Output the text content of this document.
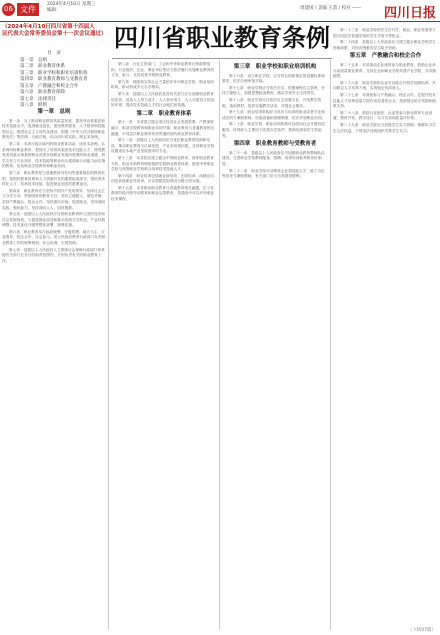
06 文件
2024年4月10日 星期三
编辑：	周建国 / 美编 王恭 / 校对 —— 四川日报
（2024年4月10日四川省第十四届人
民代表大会常务委员会第十一次会议通过） 四川省职业教育条例
目　录
第一章　总则
第二章　职业教育体系
第三章　职业学校和职业培训机构
第四章　职业教育教师与受教育者
第五章　产教融合和校企合作
第六章　职业教育保障
第七章　法律责任
第八章　附则
第一章　总则

第一条　为了推动职业教育高质量发展，提高劳动者素质和技术技能水平，促进就业创业，建设教育强省、人才强省和技能型社会，推进社会主义现代化建设，根据《中华人民共和国职业教育法》等法律、行政法规，结合四川省实际，制定本条例。

第二条　本省行政区域内的职业教育活动，适用本条例。本条例所称职业教育，是指为了培养高素质技术技能人才，使受教育者具备从事某种职业或者实现职业发展所需要的职业道德、科学文化与专业知识、技术技能等职业综合素质和行动能力而实施的教育，包括职业学校教育和职业培训。

第三条　职业教育是与普通教育具有同等重要地位的教育类型，是国民教育体系和人力资源开发的重要组成部分，是培养多样化人才、传承技术技能、促进就业创业的重要途径。

第四条　职业教育应当坚持中国共产党的领导，坚持社会主义办学方向，贯彻国家的教育方针，坚持立德树人、德技并修，坚持产教融合、校企合作，坚持面向市场、促进就业，坚持面向实践、强化能力，坚持面向人人、因材施教。

第五条　县级以上人民政府应当将职业教育纳入国民经济和社会发展规划，与促进就业创业和推动发展方式转变、产业结构调整、技术优化升级等整体部署、统筹实施。

第六条　职业教育实行政府统筹、分级管理、地方为主、行业指导、校企合作、社会参与。省人民政府教育行政部门负责职业教育工作的统筹规划、综合协调、宏观管理。

第七条　县级以上人民政府人力资源社会保障行政部门和其他有关部门在各自的职责范围内，分别负责有关的职业教育工作。

第八条　行业主管部门、工会和中华职业教育社等群团组织、行业组织、企业、事业单位等应当依法履行实施职业教育的义务，参与、支持或者开展职业教育。

第九条　鼓励和支持社会力量依法举办职业学校、职业培训机构，推动形成多元办学格局。

第十条　县级以上人民政府及其有关部门应当加强职业教育的宣传，营造人人努力成才、人人皆可成才、人人尽展其才的良好环境，提高技术技能人才的社会地位和待遇。

第二章　职业教育体系

第十一条　本省建立健全适应经济社会发展需要，产教深度融合，职业学校教育和职业培训并重，职业教育与普通教育相互融通，不同层次职业教育有效贯通的现代职业教育体系。

第十二条　县级以上人民政府应当优化职业教育结构和布局，推动职业教育与区域发展、产业布局相匹配，支持职业学校设置适应本地产业发展需求的专业。

第十三条　本省依法建立健全中等职业教育、高等职业教育专科、职业本科教育相衔接的学校职业教育体系，推进中等职业学校与高等职业学校联合培养技术技能人才。

第十四条　职业培训包括就业前培训、在职培训、再就业培训及其他职业性培训，可以根据实际情况分级分类实施。

第十五条　本省推动职业教育与普通教育相互融通，在义务教育阶段开展劳动教育和职业启蒙教育，普通高中可以开设职业技术课程。

第三章　职业学校和职业培训机构

第十六条　设立职业学校，应当符合国家规定的设置标准和要求，依法办理审批手续。

第十七条　职业学校应当依法办学，依据章程自主管理，坚持立德树人，加强思想政治教育，落实学校安全主体责任。

第十八条　职业学校可以依法自主设置专业，开发教学资源，选用教材，组织实施教学活动，开展社会服务。

第十九条　职业培训机构应当具有与培训的职业或者专业相适应的专兼职教师、设施设备和管理制度，依法开展职业培训。

第二十条　职业学校、职业培训机构可以面向社会开展有偿服务，所得收入主要用于改善办学条件、教师培训和学生奖助等。

第四章　职业教育教师与受教育者

第二十一条　县级以上人民政府应当加强职业教育教师队伍建设，完善职业学校教师配备、招聘、培养培训和考核评价制度。

第二十二条　职业学校可以聘请企业高技能人才、能工巧匠等担任专兼职教师，有关部门应当为其提供便利。

第二十三条　职业学校的学生在升学、就业、职业发展等方面与同层次普通学校的学生享有平等机会。

第二十四条　县级以上人民政府应当建立健全职业学校学生资助政策，对经济困难的学生给予资助。

第五章　产教融合和校企合作

第二十五条　本省推动企业深度参与职业教育，鼓励企业举办高质量职业教育，支持企业和职业学校共建产业学院、实训基地等。

第二十六条　职业学校和企业可以联合开展学徒制培养，共同制定人才培养方案，实现校企协同育人。

第二十七条　对深度参与产教融合、校企合作，在提升技术技能人才培养质量方面作用显著的企业，按照规定给予奖励和政策支持。

第二十八条　鼓励行业组织、企业等参与职业教育专业设置、教材开发、教学设计、实习实训和质量评价等。

第二十九条　职业学校应当加强学生实习管理，保障实习学生合法权益，不得违法违规组织安排学生实习。

（下转07版）
